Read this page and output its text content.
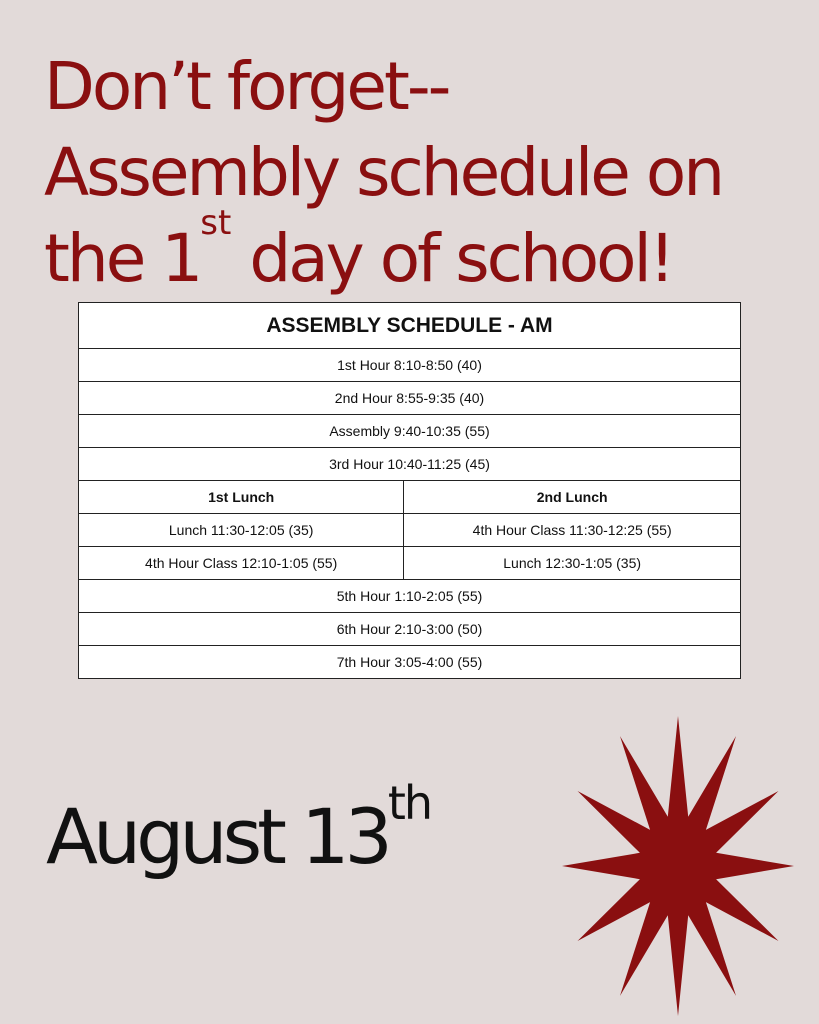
Don’t forget--
Assembly schedule on
the 1st day of school!
ASSEMBLY SCHEDULE - AM	
1st Hour 8:10-8:50 (40)	
2nd Hour 8:55-9:35 (40)	
Assembly 9:40-10:35 (55)	
3rd Hour 10:40-11:25 (45)	
1st Lunch	2nd Lunch
Lunch 11:30-12:05 (35)	4th Hour Class 11:30-12:25 (55)
4th Hour Class 12:10-1:05 (55)	Lunch 12:30-1:05 (35)
5th Hour 1:10-2:05 (55)	
6th Hour 2:10-3:00 (50)	
7th Hour 3:05-4:00 (55)	
August 13th
